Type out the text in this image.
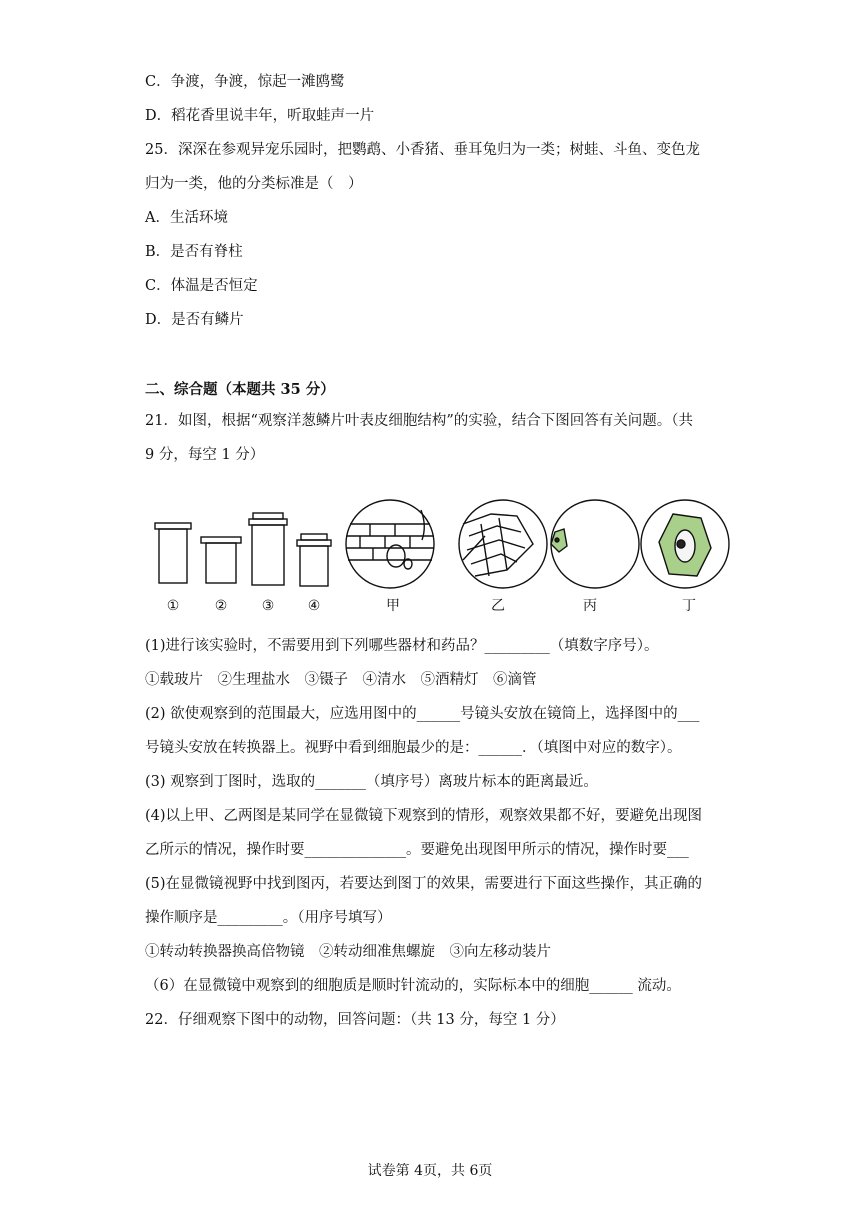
C．争渡，争渡，惊起一滩鸥鹭
D．稻花香里说丰年，听取蛙声一片
25．深深在参观异宠乐园时，把鹦鹉、小香猪、垂耳兔归为一类；树蛙、斗鱼、变色龙
归为一类，他的分类标准是（　）
A．生活环境
B．是否有脊柱
C．体温是否恒定
D．是否有鳞片
二、综合题（本题共 35 分）
21．如图，根据“观察洋葱鳞片叶表皮细胞结构”的实验，结合下图回答有关问题。（共
9 分，每空 1 分）
①	② ③ ④	甲	乙	丙	丁
(1)进行该实验时，不需要用到下列哪些器材和药品？_________（填数字序号）。
①载玻片　②生理盐水　③镊子　④清水　⑤酒精灯　⑥滴管
(2) 欲使观察到的范围最大，应选用图中的______号镜头安放在镜筒上，选择图中的___
号镜头安放在转换器上。视野中看到细胞最少的是：______．（填图中对应的数字）。
(3) 观察到丁图时，选取的_______（填序号）离玻片标本的距离最近。
(4)以上甲、乙两图是某同学在显微镜下观察到的情形，观察效果都不好，要避免出现图
乙所示的情况，操作时要______________。要避免出现图甲所示的情况，操作时要___
(5)在显微镜视野中找到图丙，若要达到图丁的效果，需要进行下面这些操作，其正确的
操作顺序是_________。（用序号填写）
①转动转换器换高倍物镜　②转动细准焦螺旋　③向左移动装片
（6）在显微镜中观察到的细胞质是顺时针流动的，实际标本中的细胞______ 流动。
22．仔细观察下图中的动物，回答问题：（共 13 分，每空 1 分）
试卷第 4页，共 6页
